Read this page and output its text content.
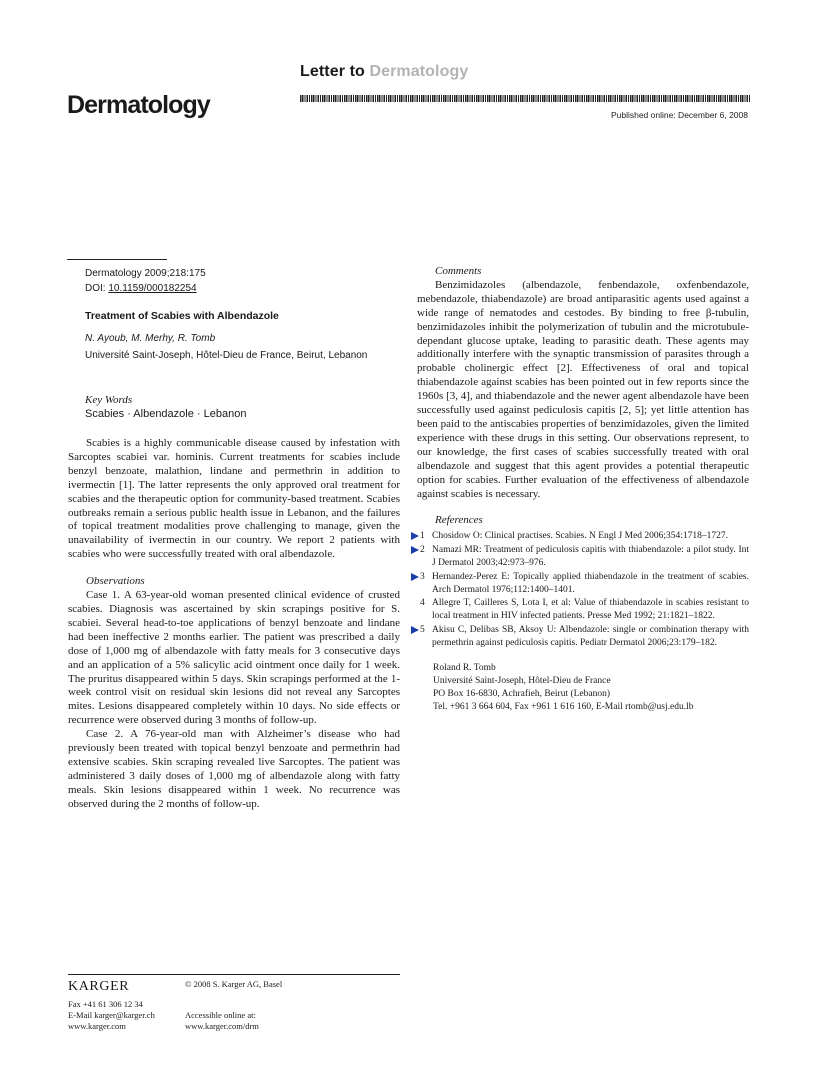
Letter to Dermatology
Dermatology	Published online: December 6, 2008
Dermatology 2009;218:175
DOI: 10.1159/000182254
Treatment of Scabies with Albendazole
N. Ayoub, M. Merhy, R. Tomb
Université Saint-Joseph, Hôtel-Dieu de France, Beirut, Lebanon
Key Words
Scabies · Albendazole · Lebanon

Scabies is a highly communicable disease caused by infestation with Sarcoptes scabiei var. hominis. Current treatments for scabies include benzyl benzoate, malathion, lindane and permethrin in addition to ivermectin [1]. The latter represents the only approved oral treatment for scabies and the therapeutic option for community-based treatment. Scabies outbreaks remain a serious public health issue in Lebanon, and the failures of topical treatment modalities prove challenging to manage, given the unavailability of ivermectin in our country. We report 2 patients with scabies who were successfully treated with oral albendazole.

Observations

Case 1. A 63-year-old woman presented clinical evidence of crusted scabies. Diagnosis was ascertained by skin scrapings positive for S. scabiei. Several head-to-toe applications of benzyl benzoate and lindane had been ineffective 2 months earlier. The patient was prescribed a daily dose of 1,000 mg of albendazole with fatty meals for 3 consecutive days and an application of a 5% salicylic acid ointment once daily for 1 week. The pruritus disappeared within 5 days. Skin scrapings performed at the 1-week control visit on residual skin lesions did not reveal any Sarcoptes mites. Lesions disappeared completely within 10 days. No side effects or recurrence were observed during 3 months of follow-up.

Case 2. A 76-year-old man with Alzheimer’s disease who had previously been treated with topical benzyl benzoate and permethrin had extensive scabies. Skin scraping revealed live Sarcoptes. The patient was administered 3 daily doses of 1,000 mg of albendazole along with fatty meals. Skin lesions disappeared within 1 week. No recurrence was observed during the 2 months of follow-up.

Comments

Benzimidazoles (albendazole, fenbendazole, oxfenbendazole, mebendazole, thiabendazole) are broad antiparasitic agents used against a wide range of nematodes and cestodes. By binding to free β-tubulin, benzimidazoles inhibit the polymerization of tubulin and the microtubule-dependant glucose uptake, leading to parasitic death. These agents may additionally interfere with the synaptic transmission of parasites through a probable cholinergic effect [2]. Effectiveness of oral and topical thiabendazole against scabies has been pointed out in few reports since the 1960s [3, 4], and thiabendazole and the newer agent albendazole have been successfully used against pediculosis capitis [2, 5]; yet little attention has been paid to the antiscabies properties of benzimidazoles, given the limited experience with these drugs in this setting. Our observations represent, to our knowledge, the first cases of scabies successfully treated with oral albendazole and suggest that this agent provides a potential therapeutic option for scabies. Further evaluation of the effectiveness of albendazole against scabies is necessary.

References

1 Chosidow O: Clinical practises. Scabies. N Engl J Med 2006;354:1718–1727.
2 Namazi MR: Treatment of pediculosis capitis with thiabendazole: a pilot study. Int J Dermatol 2003;42:973–976.
3 Hernandez-Perez E: Topically applied thiabendazole in the treatment of scabies. Arch Dermatol 1976;112:1400–1401.
4 Allegre T, Cailleres S, Lota I, et al: Value of thiabendazole in scabies resistant to local treatment in HIV infected patients. Presse Med 1992; 21:1821–1822.
5 Akisu C, Delibas SB, Aksoy U: Albendazole: single or combination therapy with permethrin against pediculosis capitis. Pediatr Dermatol 2006;23:179–182.
Roland R. Tomb
Université Saint-Joseph, Hôtel-Dieu de France
PO Box 16-6830, Achrafieh, Beirut (Lebanon)
Tel. +961 3 664 604, Fax +961 1 616 160, E-Mail rtomb@usj.edu.lb
KARGER	© 2008 S. Karger AG, Basel
Fax +41 61 306 12 34
E-Mail karger@karger.ch
www.karger.com
Accessible online at:
www.karger.com/drm
